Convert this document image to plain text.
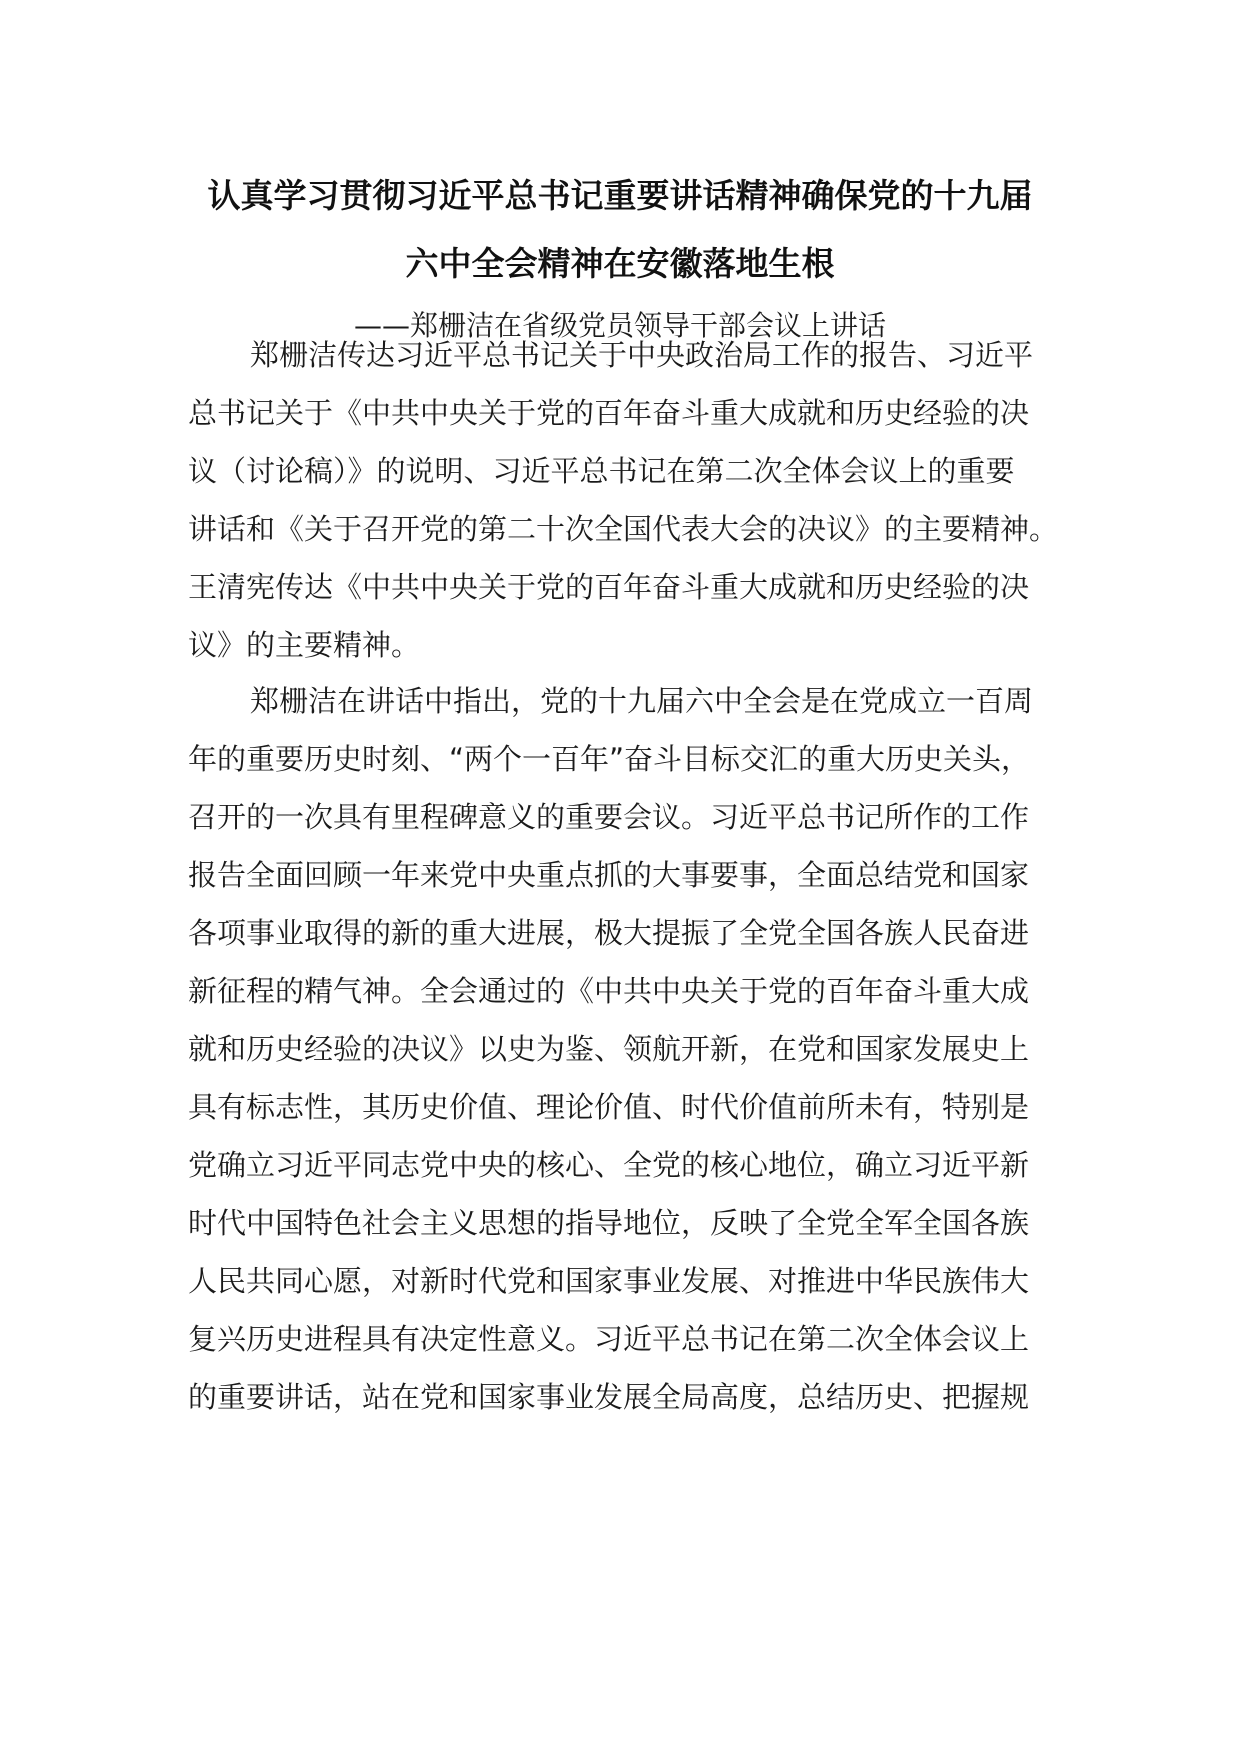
认真学习贯彻习近平总书记重要讲话精神确保党的十九届
六中全会精神在安徽落地生根
——郑栅洁在省级党员领导干部会议上讲话
郑栅洁传达习近平总书记关于中央政治局工作的报告、习近平
总书记关于《中共中央关于党的百年奋斗重大成就和历史经验的决
议（讨论稿）》的说明、习近平总书记在第二次全体会议上的重要
讲话和《关于召开党的第二十次全国代表大会的决议》的主要精神。
王清宪传达《中共中央关于党的百年奋斗重大成就和历史经验的决
议》的主要精神。
郑栅洁在讲话中指出，党的十九届六中全会是在党成立一百周
年的重要历史时刻、“两个一百年”奋斗目标交汇的重大历史关头，
召开的一次具有里程碑意义的重要会议。习近平总书记所作的工作
报告全面回顾一年来党中央重点抓的大事要事，全面总结党和国家
各项事业取得的新的重大进展，极大提振了全党全国各族人民奋进
新征程的精气神。全会通过的《中共中央关于党的百年奋斗重大成
就和历史经验的决议》以史为鉴、领航开新，在党和国家发展史上
具有标志性，其历史价值、理论价值、时代价值前所未有，特别是
党确立习近平同志党中央的核心、全党的核心地位，确立习近平新
时代中国特色社会主义思想的指导地位，反映了全党全军全国各族
人民共同心愿，对新时代党和国家事业发展、对推进中华民族伟大
复兴历史进程具有决定性意义。习近平总书记在第二次全体会议上
的重要讲话，站在党和国家事业发展全局高度，总结历史、把握规
